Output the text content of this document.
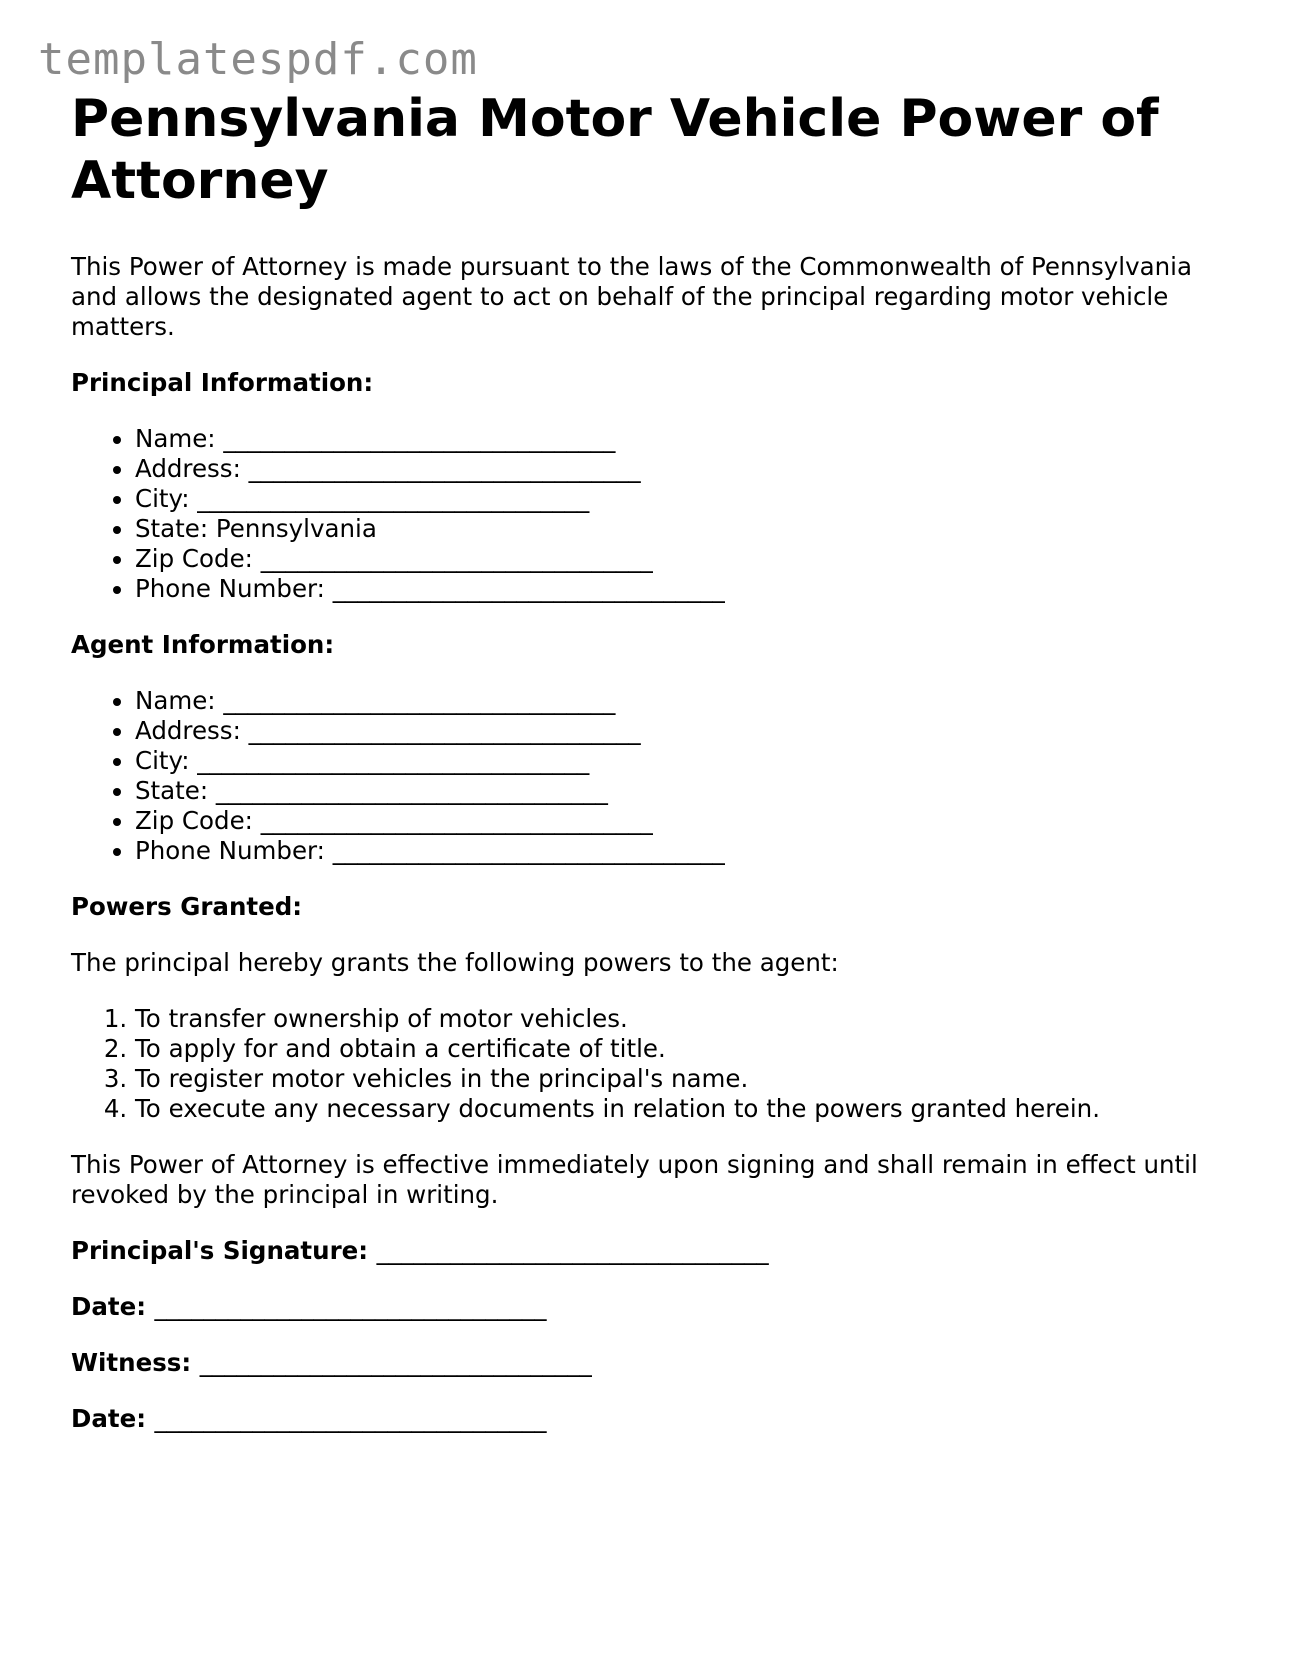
templatespdf.com
Pennsylvania Motor Vehicle Power of Attorney

This Power of Attorney is made pursuant to the laws of the Commonwealth of Pennsylvania and allows the designated agent to act on behalf of the principal regarding motor vehicle matters.

Principal Information:

• Name: ________________________________
• Address: ________________________________
• City: ________________________________
• State: Pennsylvania
• Zip Code: ________________________________
• Phone Number: ________________________________

Agent Information:

• Name: ________________________________
• Address: ________________________________
• City: ________________________________
• State: ________________________________
• Zip Code: ________________________________
• Phone Number: ________________________________

Powers Granted:

The principal hereby grants the following powers to the agent:

1. To transfer ownership of motor vehicles.
2. To apply for and obtain a certificate of title.
3. To register motor vehicles in the principal's name.
4. To execute any necessary documents in relation to the powers granted herein.

This Power of Attorney is effective immediately upon signing and shall remain in effect until revoked by the principal in writing.

Principal's Signature: ________________________________

Date: ________________________________

Witness: ________________________________

Date: ________________________________
